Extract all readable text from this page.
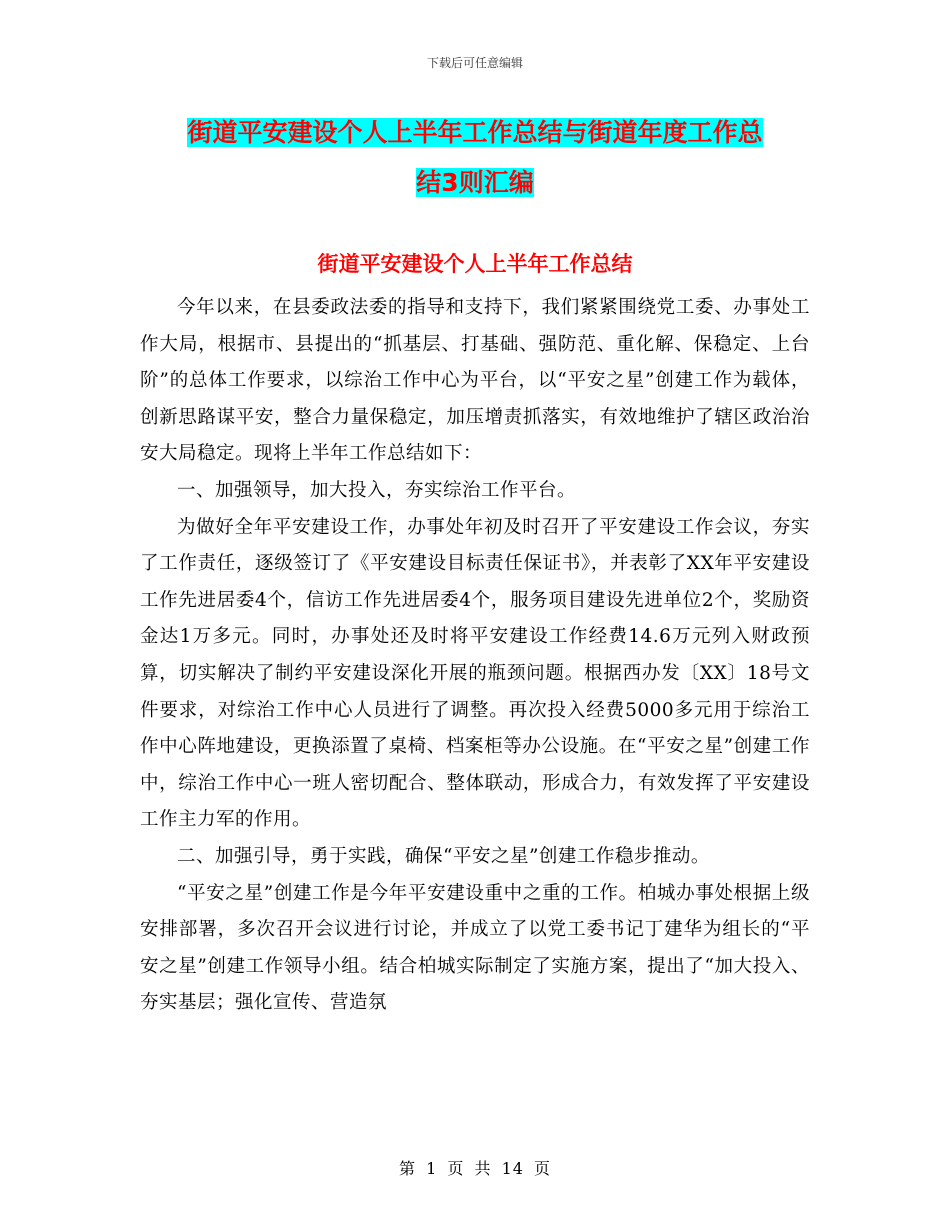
下载后可任意编辑
街道平安建设个人上半年工作总结与街道年度工作总
结3则汇编
街道平安建设个人上半年工作总结

今年以来，在县委政法委的指导和支持下，我们紧紧围绕党工委、办事处工作大局，根据市、县提出的“抓基层、打基础、强防范、重化解、保稳定、上台阶”的总体工作要求，以综治工作中心为平台，以“平安之星”创建工作为载体，创新思路谋平安，整合力量保稳定，加压增责抓落实，有效地维护了辖区政治治安大局稳定。现将上半年工作总结如下：

一、加强领导，加大投入，夯实综治工作平台。

为做好全年平安建设工作，办事处年初及时召开了平安建设工作会议，夯实了工作责任，逐级签订了《平安建设目标责任保证书》，并表彰了XX年平安建设工作先进居委4个，信访工作先进居委4个，服务项目建设先进单位2个，奖励资金达1万多元。同时，办事处还及时将平安建设工作经费14.6万元列入财政预算，切实解决了制约平安建设深化开展的瓶颈问题。根据西办发〔XX〕18号文件要求，对综治工作中心人员进行了调整。再次投入经费5000多元用于综治工作中心阵地建设，更换添置了桌椅、档案柜等办公设施。在“平安之星”创建工作中，综治工作中心一班人密切配合、整体联动，形成合力，有效发挥了平安建设工作主力军的作用。

二、加强引导，勇于实践，确保“平安之星”创建工作稳步推动。

“平安之星”创建工作是今年平安建设重中之重的工作。柏城办事处根据上级安排部署，多次召开会议进行讨论，并成立了以党工委书记丁建华为组长的“平安之星”创建工作领导小组。结合柏城实际制定了实施方案，提出了“加大投入、夯实基层；强化宣传、营造氛

第 1 页 共 14 页
